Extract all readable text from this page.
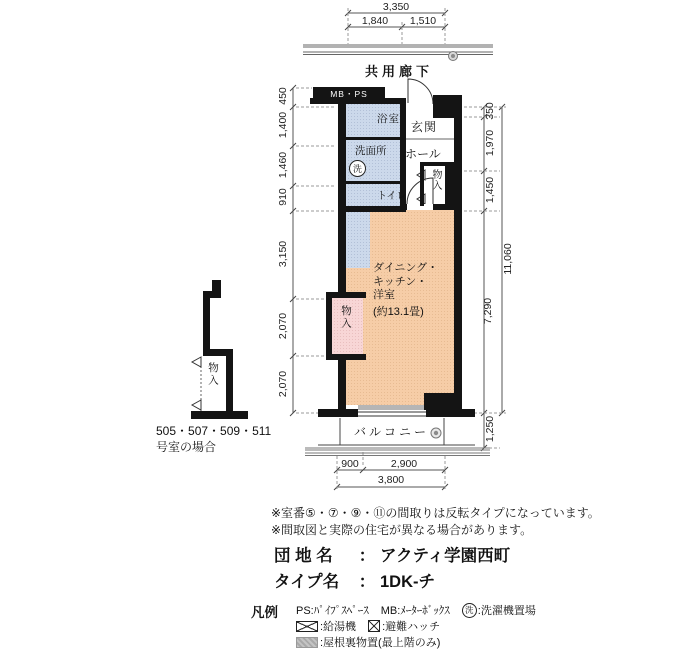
MB・PS
浴室
洗面所
トイレ
玄関
ホール
物入
物入
洗
ダイニング・
キッチン・
洋室
(約13.1畳)
バルコニー
共用廊下
3,350
1,840	1,510
450
1,400
1,460
910
3,150
2,070
2,070
350
1,970
1,450
7,290
1,250
11,060
900	2,900
3,800
物入
505・507・509・511
号室の場合
※室番⑤・⑦・⑨・⑪の間取りは反転タイプになっています。
※間取図と実際の住宅が異なる場合があります。
団 地 名	： アクティ学園西町
タイプ名	： 1DK-チ
凡例 PS:ﾊﾟｲﾌﾟｽﾍﾟｰｽ MB:ﾒｰﾀｰﾎﾞｯｸｽ	洗 :洗濯機置場
:給湯機 :避難ハッチ
:屋根裏物置(最上階のみ)
